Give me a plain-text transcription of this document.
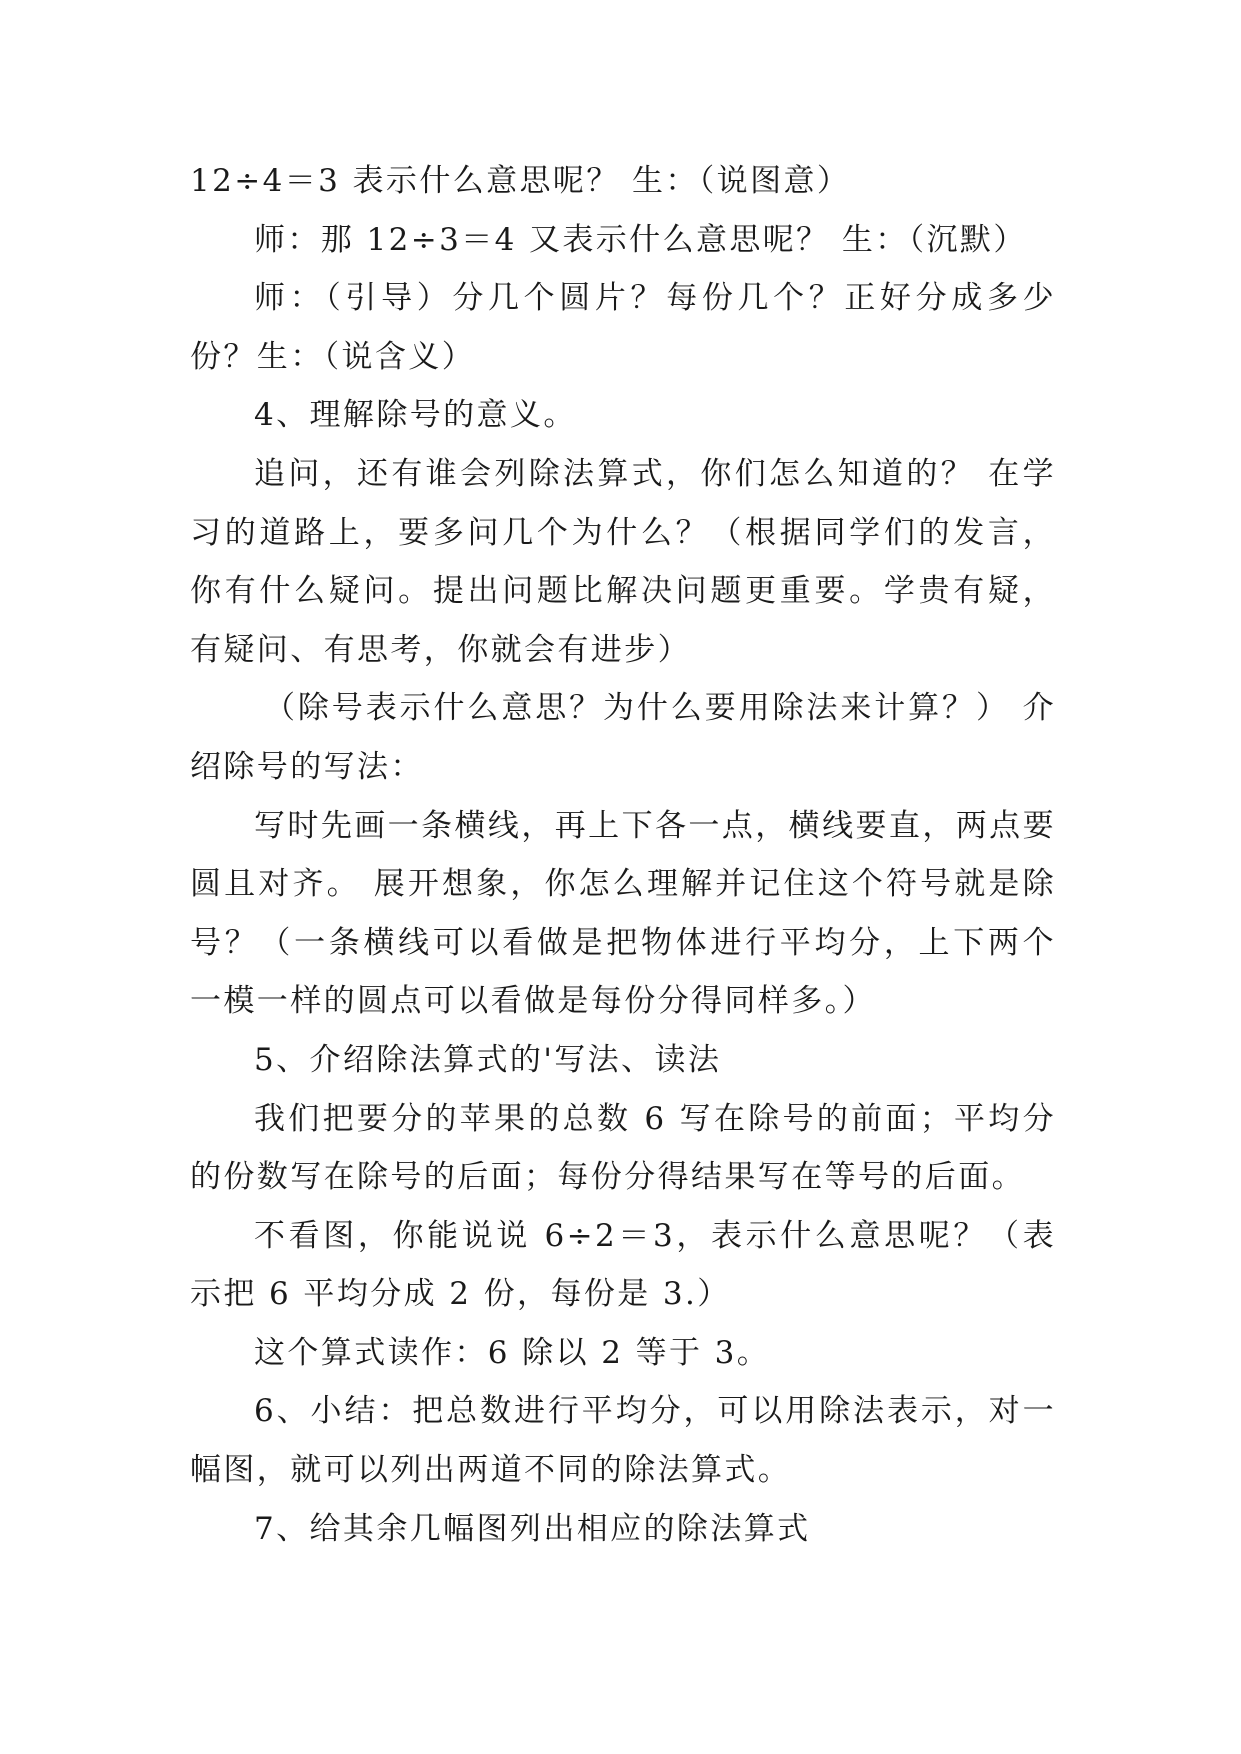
12÷4＝3 表示什么意思呢？ 生：（说图意）

师：那 12÷3＝4 又表示什么意思呢？ 生：（沉默）

师：（引导）分几个圆片？每份几个？正好分成多少份？生：（说含义）

4、理解除号的意义。

追问，还有谁会列除法算式，你们怎么知道的？ 在学习的道路上，要多问几个为什么？（根据同学们的发言，你有什么疑问。提出问题比解决问题更重要。学贵有疑，有疑问、有思考，你就会有进步）

（除号表示什么意思？为什么要用除法来计算？） 介绍除号的写法：

写时先画一条横线，再上下各一点，横线要直，两点要圆且对齐。 展开想象，你怎么理解并记住这个符号就是除号？（一条横线可以看做是把物体进行平均分，上下两个一模一样的圆点可以看做是每份分得同样多。）

5、介绍除法算式的'写法、读法

我们把要分的苹果的总数 6 写在除号的前面；平均分的份数写在除号的后面；每份分得结果写在等号的后面。

不看图，你能说说 6÷2＝3，表示什么意思呢？（表示把 6 平均分成 2 份，每份是 3.）

这个算式读作：6 除以 2 等于 3。

6、小结：把总数进行平均分，可以用除法表示，对一幅图，就可以列出两道不同的除法算式。

7、给其余几幅图列出相应的除法算式
